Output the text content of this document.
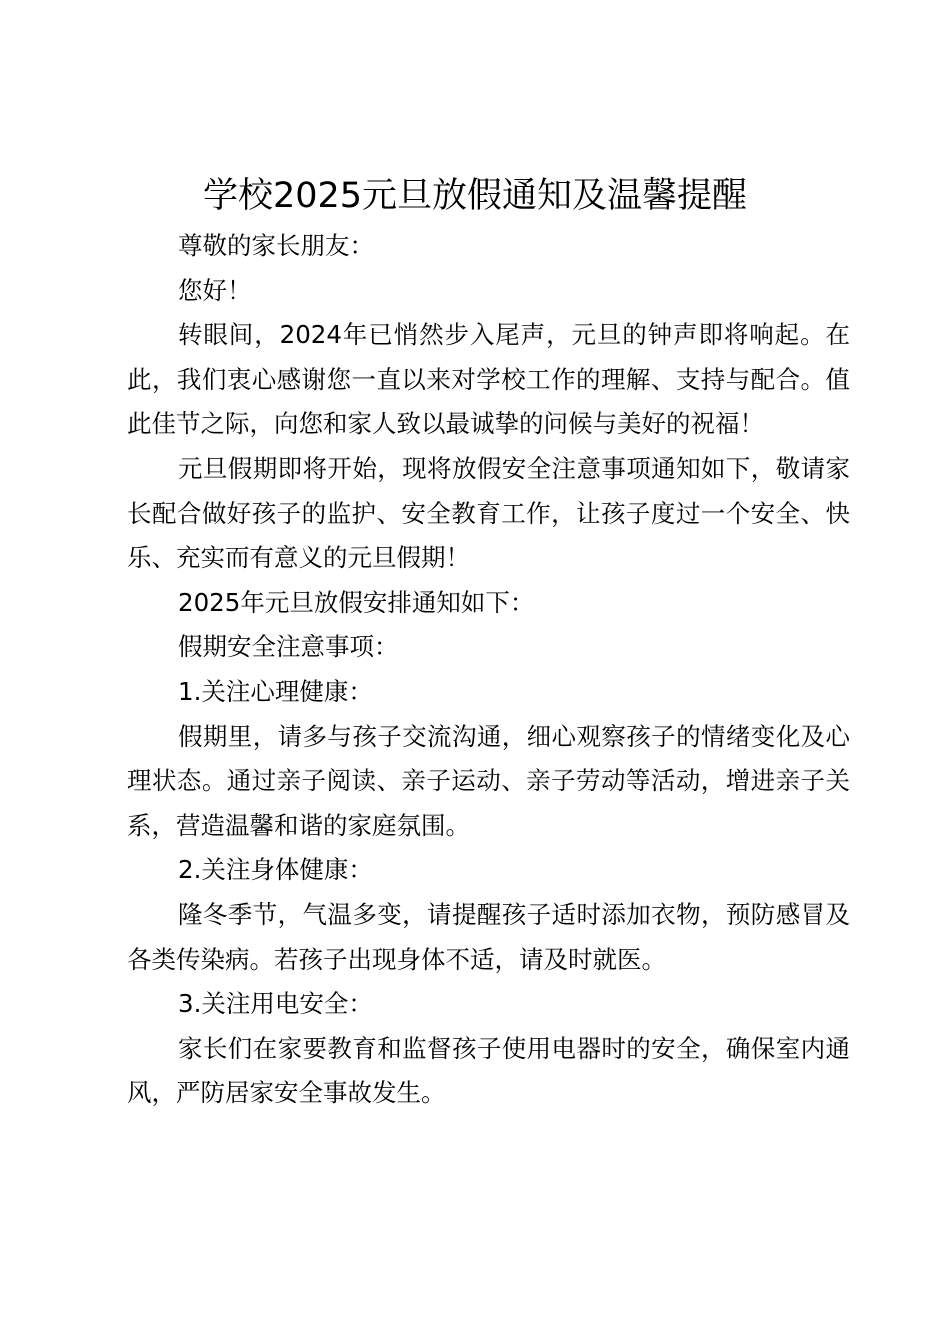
学校2025元旦放假通知及温馨提醒

尊敬的家长朋友：

您好！

转眼间，2024年已悄然步入尾声，元旦的钟声即将响起。在此，我们衷心感谢您一直以来对学校工作的理解、支持与配合。值此佳节之际，向您和家人致以最诚挚的问候与美好的祝福！

元旦假期即将开始，现将放假安全注意事项通知如下，敬请家长配合做好孩子的监护、安全教育工作，让孩子度过一个安全、快乐、充实而有意义的元旦假期！

2025年元旦放假安排通知如下：

假期安全注意事项：

1.关注心理健康：

假期里，请多与孩子交流沟通，细心观察孩子的情绪变化及心理状态。通过亲子阅读、亲子运动、亲子劳动等活动，增进亲子关系，营造温馨和谐的家庭氛围。

2.关注身体健康：

隆冬季节，气温多变，请提醒孩子适时添加衣物，预防感冒及各类传染病。若孩子出现身体不适，请及时就医。

3.关注用电安全：

家长们在家要教育和监督孩子使用电器时的安全，确保室内通风，严防居家安全事故发生。
